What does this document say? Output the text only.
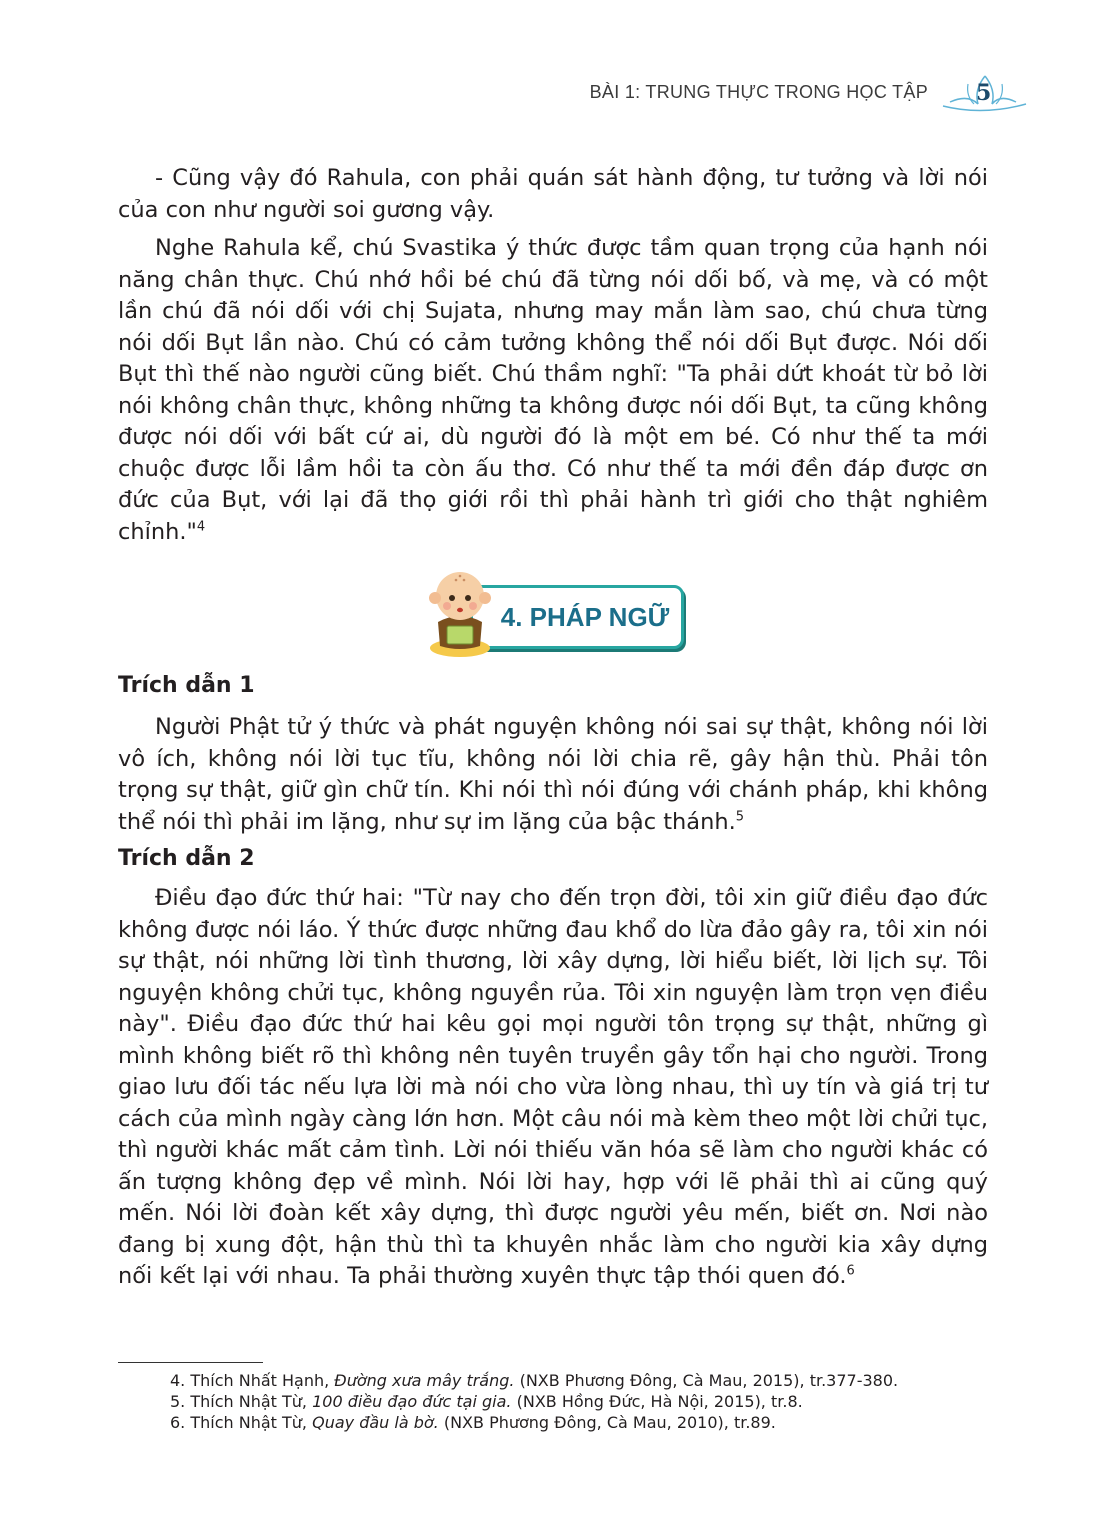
BÀI 1: TRUNG THỰC TRONG HỌC TẬP 5

- Cũng vậy đó Rahula, con phải quán sát hành động, tư tưởng và lời nói của con như người soi gương vậy.

Nghe Rahula kể, chú Svastika ý thức được tầm quan trọng của hạnh nói năng chân thực. Chú nhớ hồi bé chú đã từng nói dối bố, và mẹ, và có một lần chú đã nói dối với chị Sujata, nhưng may mắn làm sao, chú chưa từng nói dối Bụt lần nào. Chú có cảm tưởng không thể nói dối Bụt được. Nói dối Bụt thì thế nào người cũng biết. Chú thầm nghĩ: "Ta phải dứt khoát từ bỏ lời nói không chân thực, không những ta không được nói dối Bụt, ta cũng không được nói dối với bất cứ ai, dù người đó là một em bé. Có như thế ta mới chuộc được lỗi lầm hồi ta còn ấu thơ. Có như thế ta mới đền đáp được ơn đức của Bụt, với lại đã thọ giới rồi thì phải hành trì giới cho thật nghiêm chỉnh."$^4$

4. PHÁP NGỮ
Trích dẫn 1

Người Phật tử ý thức và phát nguyện không nói sai sự thật, không nói lời vô ích, không nói lời tục tĩu, không nói lời chia rẽ, gây hận thù. Phải tôn trọng sự thật, giữ gìn chữ tín. Khi nói thì nói đúng với chánh pháp, khi không thể nói thì phải im lặng, như sự im lặng của bậc thánh.$^5$

Trích dẫn 2

Điều đạo đức thứ hai: "Từ nay cho đến trọn đời, tôi xin giữ điều đạo đức không được nói láo. Ý thức được những đau khổ do lừa đảo gây ra, tôi xin nói sự thật, nói những lời tình thương, lời xây dựng, lời hiểu biết, lời lịch sự. Tôi nguyện không chửi tục, không nguyền rủa. Tôi xin nguyện làm trọn vẹn điều này". Điều đạo đức thứ hai kêu gọi mọi người tôn trọng sự thật, những gì mình không biết rõ thì không nên tuyên truyền gây tổn hại cho người. Trong giao lưu đối tác nếu lựa lời mà nói cho vừa lòng nhau, thì uy tín và giá trị tư cách của mình ngày càng lớn hơn. Một câu nói mà kèm theo một lời chửi tục, thì người khác mất cảm tình. Lời nói thiếu văn hóa sẽ làm cho người khác có ấn tượng không đẹp về mình. Nói lời hay, hợp với lẽ phải thì ai cũng quý mến. Nói lời đoàn kết xây dựng, thì được người yêu mến, biết ơn. Nơi nào đang bị xung đột, hận thù thì ta khuyên nhắc làm cho người kia xây dựng nối kết lại với nhau. Ta phải thường xuyên thực tập thói quen đó.$^6$

4. Thích Nhất Hạnh, Đường xưa mây trắng. (NXB Phương Đông, Cà Mau, 2015), tr.377-380.
5. Thích Nhật Từ, 100 điều đạo đức tại gia. (NXB Hồng Đức, Hà Nội, 2015), tr.8.
6. Thích Nhật Từ, Quay đầu là bờ. (NXB Phương Đông, Cà Mau, 2010), tr.89.
